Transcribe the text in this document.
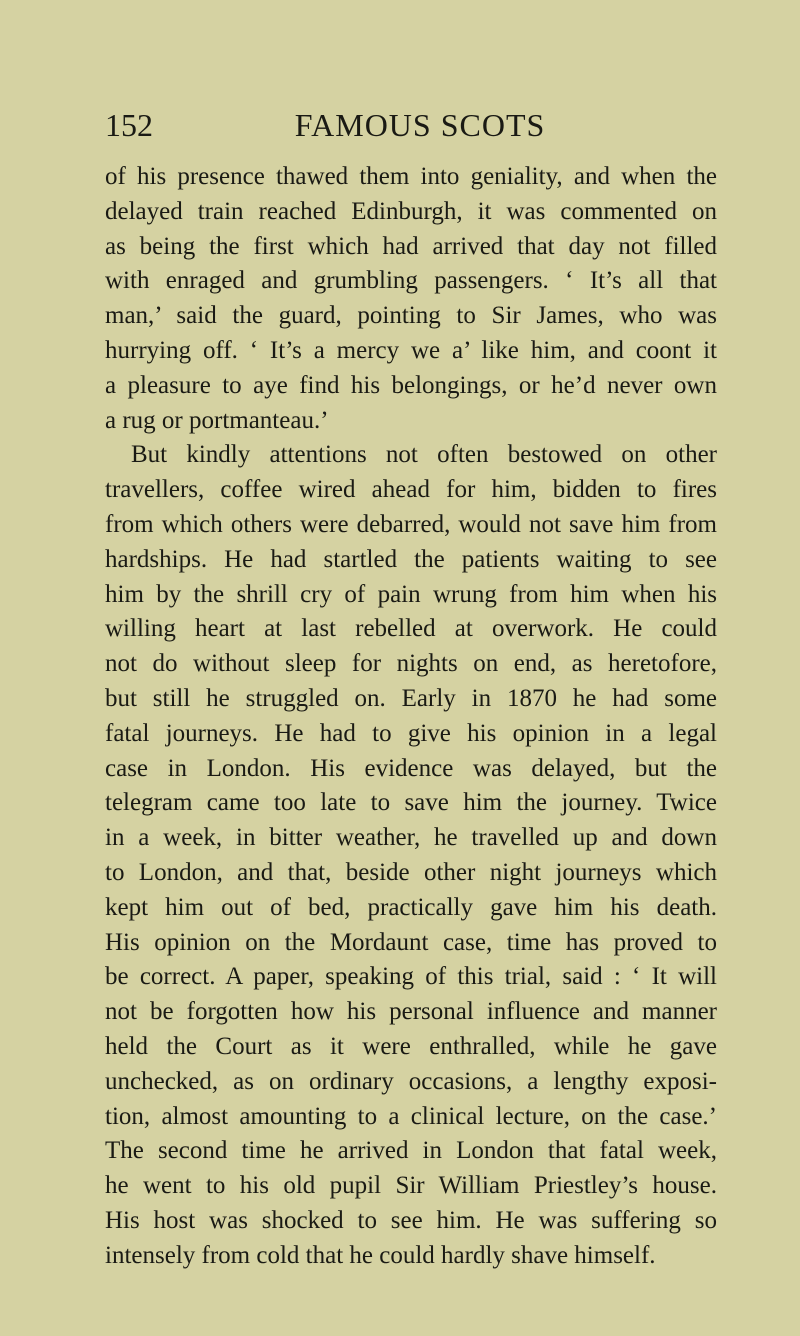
152	FAMOUS SCOTS
of his presence thawed them into geniality, and when the
delayed train reached Edinburgh, it was commented on
as being the first which had arrived that day not filled
with enraged and grumbling passengers. ‘ It’s all that
man,’ said the guard, pointing to Sir James, who was
hurrying off. ‘ It’s a mercy we a’ like him, and coont it
a pleasure to aye find his belongings, or he’d never own
a rug or portmanteau.’
But kindly attentions not often bestowed on other
travellers, coffee wired ahead for him, bidden to fires
from which others were debarred, would not save him from
hardships. He had startled the patients waiting to see
him by the shrill cry of pain wrung from him when his
willing heart at last rebelled at overwork. He could
not do without sleep for nights on end, as heretofore,
but still he struggled on. Early in 1870 he had some
fatal journeys. He had to give his opinion in a legal
case in London. His evidence was delayed, but the
telegram came too late to save him the journey. Twice
in a week, in bitter weather, he travelled up and down
to London, and that, beside other night journeys which
kept him out of bed, practically gave him his death.
His opinion on the Mordaunt case, time has proved to
be correct. A paper, speaking of this trial, said : ‘ It will
not be forgotten how his personal influence and manner
held the Court as it were enthralled, while he gave
unchecked, as on ordinary occasions, a lengthy exposi-
tion, almost amounting to a clinical lecture, on the case.’
The second time he arrived in London that fatal week,
he went to his old pupil Sir William Priestley’s house.
His host was shocked to see him. He was suffering so
intensely from cold that he could hardly shave himself.
